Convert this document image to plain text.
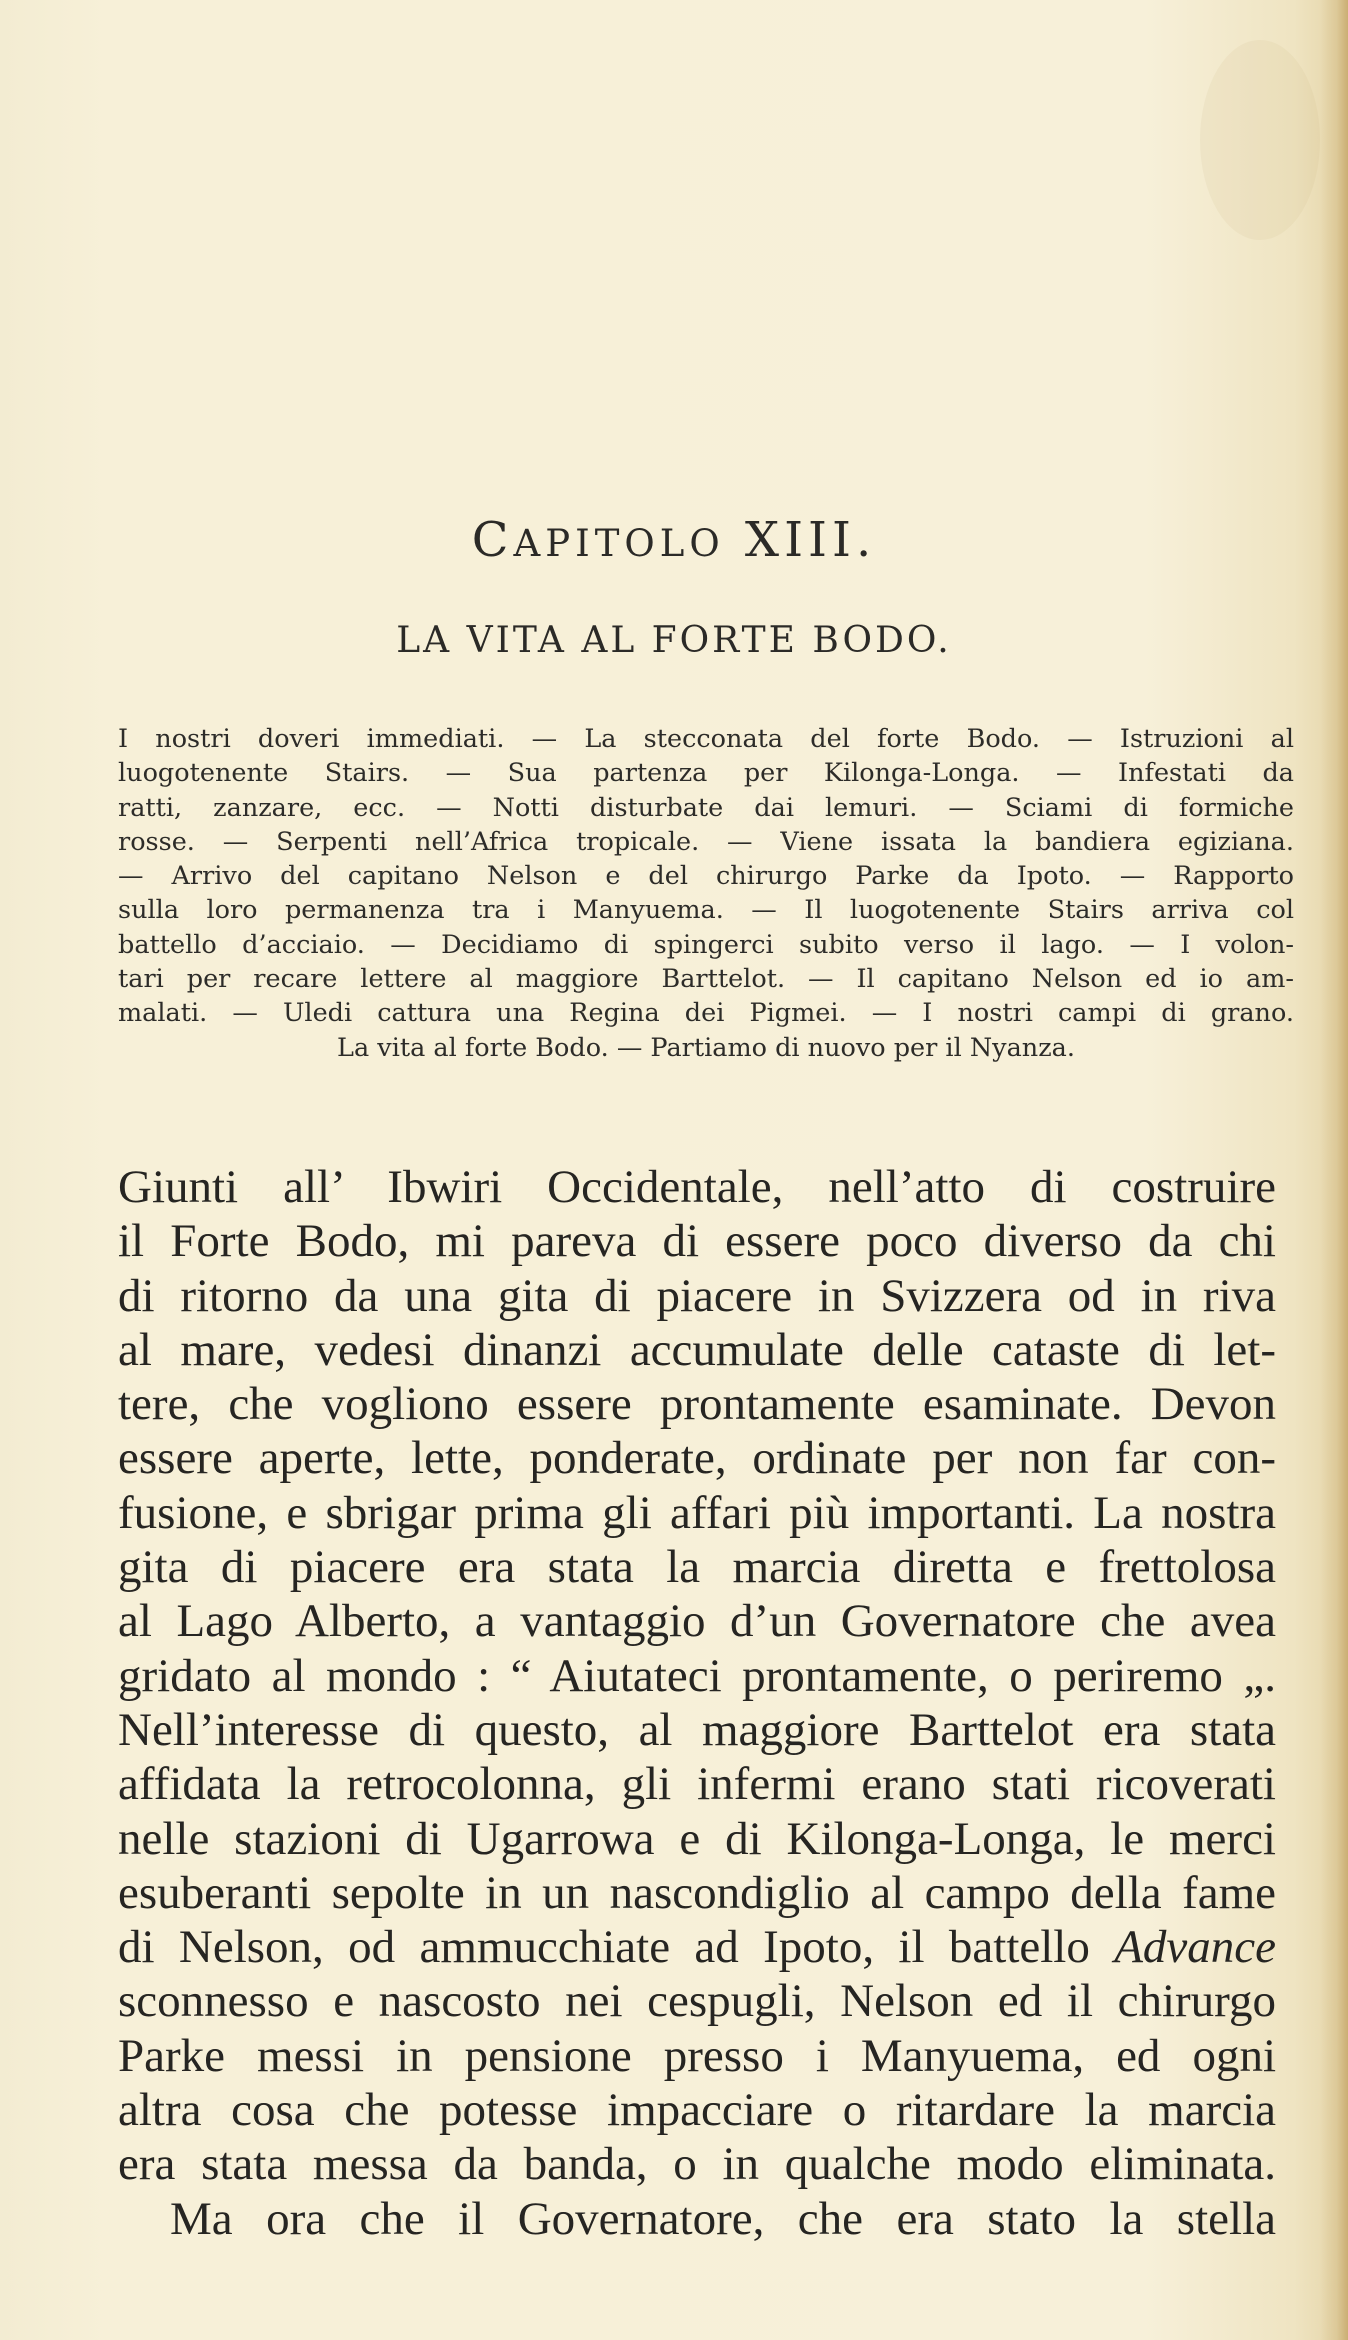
CAPITOLO XIII.
LA VITA AL FORTE BODO.
I nostri doveri immediati. — La stecconata del forte Bodo. — Istruzioni al
luogotenente Stairs. — Sua partenza per Kilonga-Longa. — Infestati da
ratti, zanzare, ecc. — Notti disturbate dai lemuri. — Sciami di formiche
rosse. — Serpenti nell’Africa tropicale. — Viene issata la bandiera egiziana.
— Arrivo del capitano Nelson e del chirurgo Parke da Ipoto. — Rapporto
sulla loro permanenza tra i Manyuema. — Il luogotenente Stairs arriva col
battello d’acciaio. — Decidiamo di spingerci subito verso il lago. — I volon-
tari per recare lettere al maggiore Barttelot. — Il capitano Nelson ed io am-
malati. — Uledi cattura una Regina dei Pigmei. — I nostri campi di grano.
La vita al forte Bodo. — Partiamo di nuovo per il Nyanza.
Giunti all’ Ibwiri Occidentale, nell’atto di costruire
il Forte Bodo, mi pareva di essere poco diverso da chi
di ritorno da una gita di piacere in Svizzera od in riva
al mare, vedesi dinanzi accumulate delle cataste di let-
tere, che vogliono essere prontamente esaminate. Devon
essere aperte, lette, ponderate, ordinate per non far con-
fusione, e sbrigar prima gli affari più importanti. La nostra
gita di piacere era stata la marcia diretta e frettolosa
al Lago Alberto, a vantaggio d’un Governatore che avea
gridato al mondo : “ Aiutateci prontamente, o periremo „.
Nell’interesse di questo, al maggiore Barttelot era stata
affidata la retrocolonna, gli infermi erano stati ricoverati
nelle stazioni di Ugarrowa e di Kilonga-Longa, le merci
esuberanti sepolte in un nascondiglio al campo della fame
di Nelson, od ammucchiate ad Ipoto, il battello Advance
sconnesso e nascosto nei cespugli, Nelson ed il chirurgo
Parke messi in pensione presso i Manyuema, ed ogni
altra cosa che potesse impacciare o ritardare la marcia
era stata messa da banda, o in qualche modo eliminata.
Ma ora che il Governatore, che era stato la stella
